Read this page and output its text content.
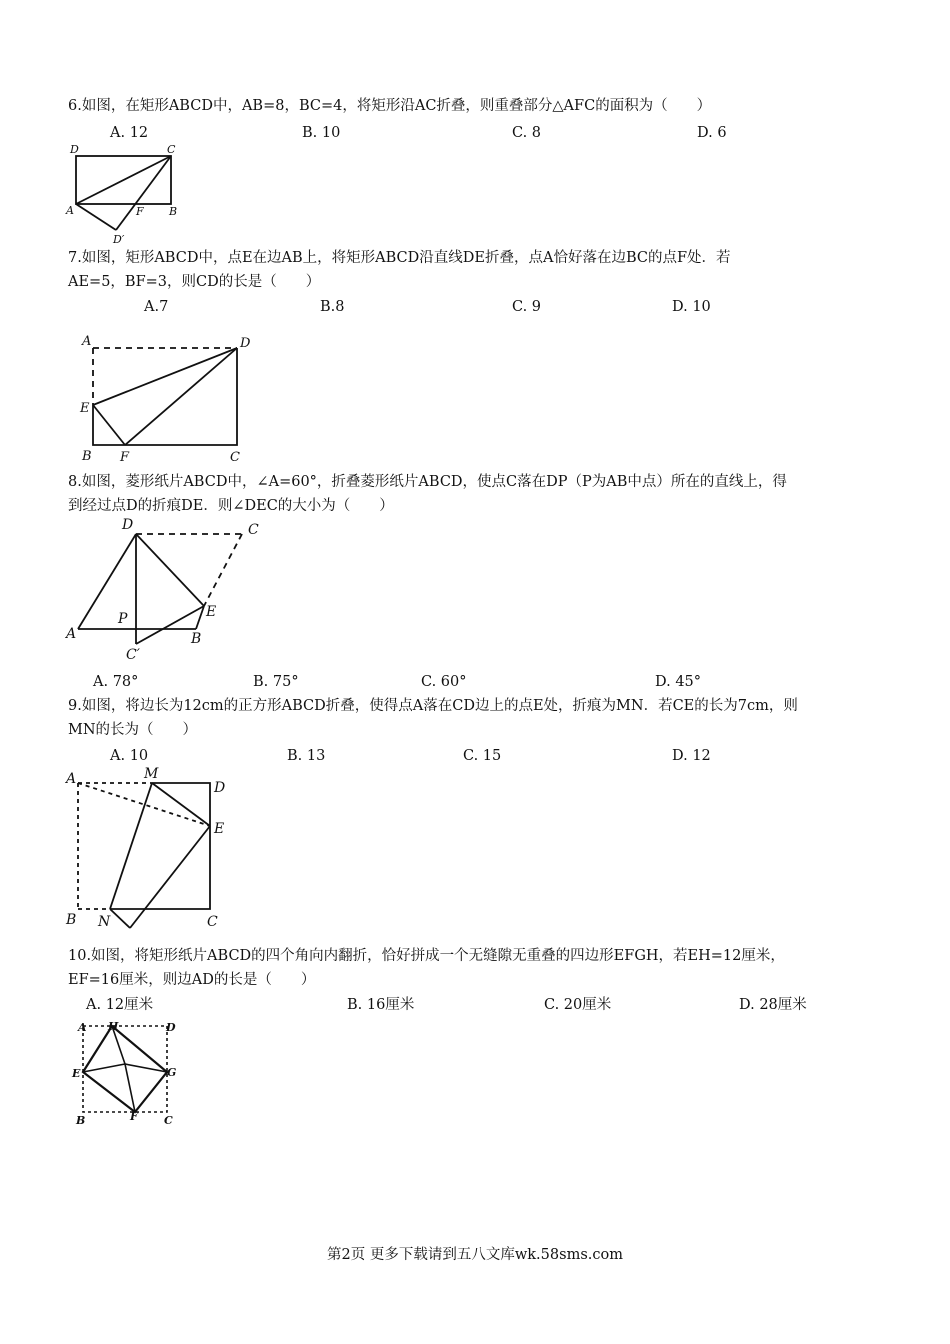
6.如图，在矩形ABCD中，AB=8，BC=4，将矩形沿AC折叠，则重叠部分△AFC的面积为（　　）
A. 12	B. 10	C. 8	D. 6
D	C
A	F B
D′
7.如图，矩形ABCD中，点E在边AB上，将矩形ABCD沿直线DE折叠，点A恰好落在边BC的点F处．若
AE=5，BF=3，则CD的长是（　　）
A.7	B.8	C. 9	D. 10
A	D
E
B F	C
8.如图，菱形纸片ABCD中，∠A=60°，折叠菱形纸片ABCD，使点C落在DP（P为AB中点）所在的直线上，得
到经过点D的折痕DE．则∠DEC的大小为（　　）
D	C
P	E
A	B
C′
A. 78°	B. 75°	C. 60°	D. 45°
9.如图，将边长为12cm的正方形ABCD折叠，使得点A落在CD边上的点E处，折痕为MN．若CE的长为7cm，则
MN的长为（　　）
A. 10	B. 13	C. 15	D. 12
A	M
D
E
B N	C
10.如图，将矩形纸片ABCD的四个角向内翻折，恰好拼成一个无缝隙无重叠的四边形EFGH，若EH=12厘米，
EF=16厘米，则边AD的长是（　　）
A. 12厘米	B. 16厘米	C. 20厘米	D. 28厘米
A H	D
E	G
B	F C
第2页 更多下载请到五八文库wk.58sms.com
